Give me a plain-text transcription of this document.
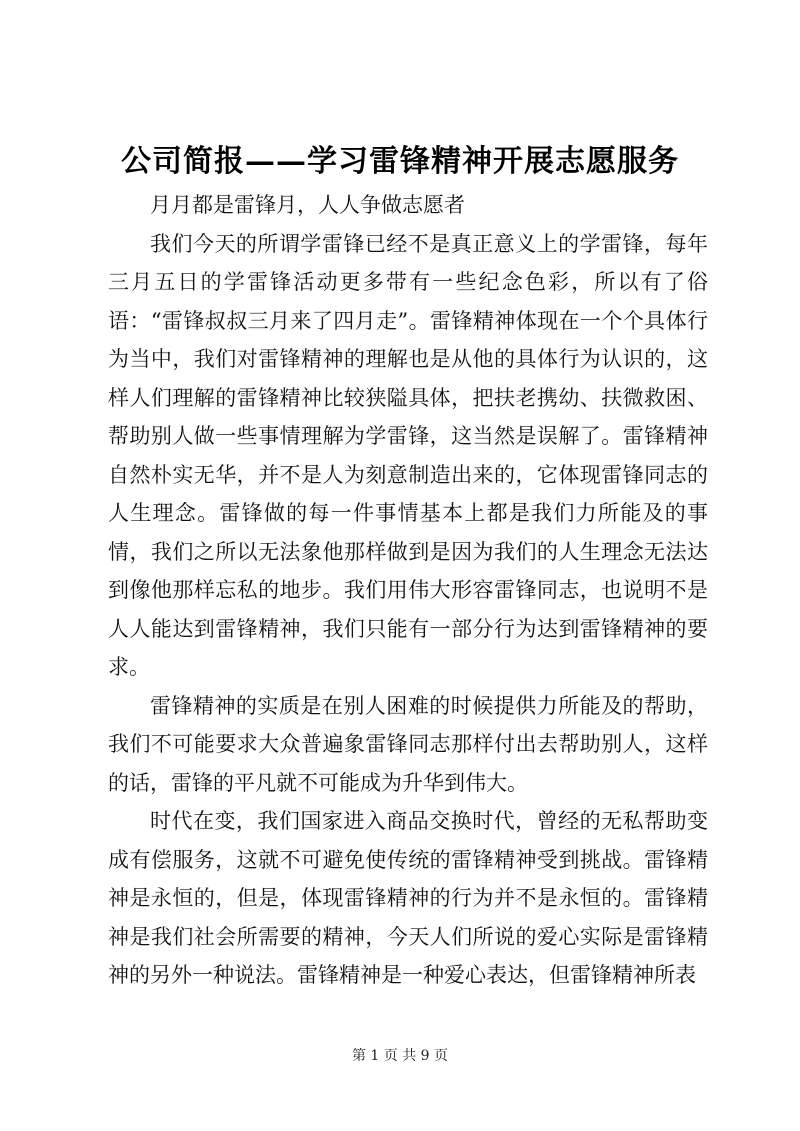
公司简报——学习雷锋精神开展志愿服务

月月都是雷锋月，人人争做志愿者

我们今天的所谓学雷锋已经不是真正意义上的学雷锋，每年三月五日的学雷锋活动更多带有一些纪念色彩，所以有了俗语：“雷锋叔叔三月来了四月走”。雷锋精神体现在一个个具体行为当中，我们对雷锋精神的理解也是从他的具体行为认识的，这样人们理解的雷锋精神比较狭隘具体，把扶老携幼、扶微救困、帮助别人做一些事情理解为学雷锋，这当然是误解了。雷锋精神自然朴实无华，并不是人为刻意制造出来的，它体现雷锋同志的人生理念。雷锋做的每一件事情基本上都是我们力所能及的事情，我们之所以无法象他那样做到是因为我们的人生理念无法达到像他那样忘私的地步。我们用伟大形容雷锋同志，也说明不是人人能达到雷锋精神，我们只能有一部分行为达到雷锋精神的要求。

雷锋精神的实质是在别人困难的时候提供力所能及的帮助，我们不可能要求大众普遍象雷锋同志那样付出去帮助别人，这样的话，雷锋的平凡就不可能成为升华到伟大。

时代在变，我们国家进入商品交换时代，曾经的无私帮助变成有偿服务，这就不可避免使传统的雷锋精神受到挑战。雷锋精神是永恒的，但是，体现雷锋精神的行为并不是永恒的。雷锋精神是我们社会所需要的精神，今天人们所说的爱心实际是雷锋精神的另外一种说法。雷锋精神是一种爱心表达，但雷锋精神所表

第 1 页 共 9 页
